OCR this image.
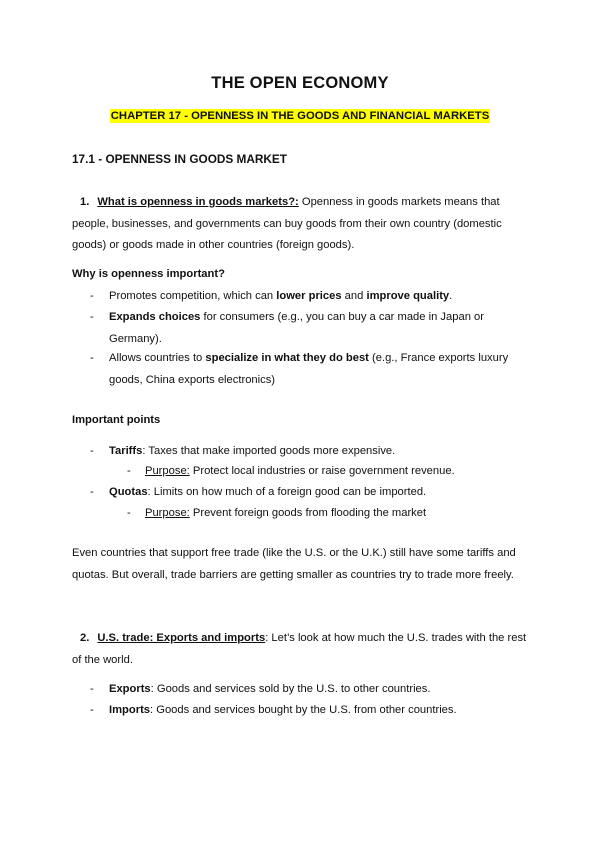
THE OPEN ECONOMY
CHAPTER 17 - OPENNESS IN THE GOODS AND FINANCIAL MARKETS
17.1 - OPENNESS IN GOODS MARKET
1. What is openness in goods markets?: Openness in goods markets means that people, businesses, and governments can buy goods from their own country (domestic goods) or goods made in other countries (foreign goods).
Why is openness important?
- Promotes competition, which can lower prices and improve quality.
- Expands choices for consumers (e.g., you can buy a car made in Japan or Germany).
- Allows countries to specialize in what they do best (e.g., France exports luxury goods, China exports electronics)
Important points
- Tariffs: Taxes that make imported goods more expensive.
- Purpose: Protect local industries or raise government revenue.
- Quotas: Limits on how much of a foreign good can be imported.
- Purpose: Prevent foreign goods from flooding the market
Even countries that support free trade (like the U.S. or the U.K.) still have some tariffs and quotas. But overall, trade barriers are getting smaller as countries try to trade more freely.
2. U.S. trade: Exports and imports: Let’s look at how much the U.S. trades with the rest of the world.
- Exports: Goods and services sold by the U.S. to other countries.
- Imports: Goods and services bought by the U.S. from other countries.
